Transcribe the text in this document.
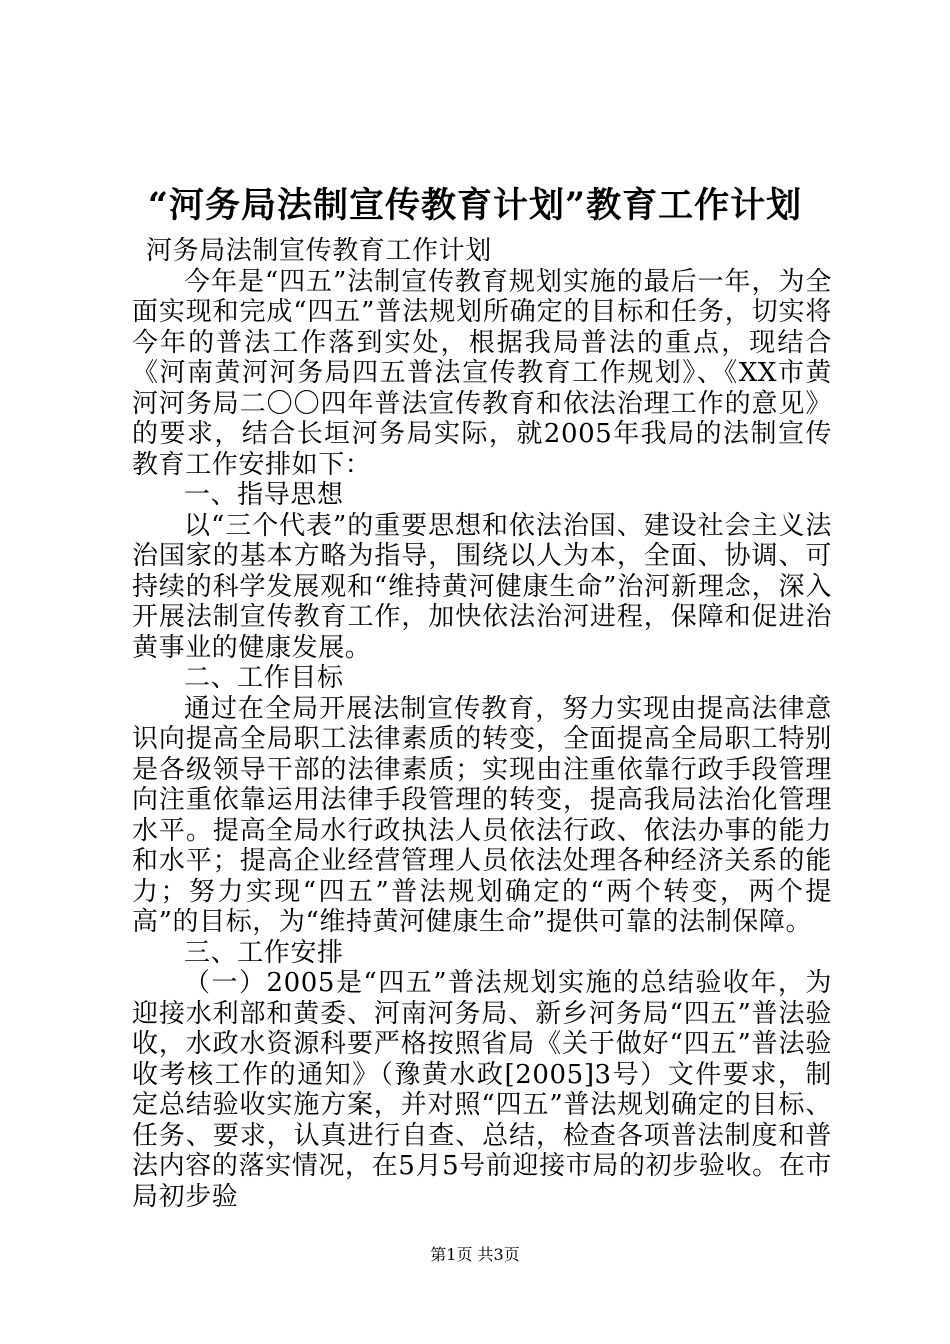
“河务局法制宣传教育计划”教育工作计划

河务局法制宣传教育工作计划

今年是“四五”法制宣传教育规划实施的最后一年，为全面实现和完成“四五”普法规划所确定的目标和任务，切实将今年的普法工作落到实处，根据我局普法的重点，现结合《河南黄河河务局四五普法宣传教育工作规划》、《XX市黄河河务局二〇〇四年普法宣传教育和依法治理工作的意见》的要求，结合长垣河务局实际，就2005年我局的法制宣传教育工作安排如下：

一、指导思想

以“三个代表”的重要思想和依法治国、建设社会主义法治国家的基本方略为指导，围绕以人为本，全面、协调、可持续的科学发展观和“维持黄河健康生命”治河新理念，深入开展法制宣传教育工作，加快依法治河进程，保障和促进治黄事业的健康发展。

二、工作目标

通过在全局开展法制宣传教育，努力实现由提高法律意识向提高全局职工法律素质的转变，全面提高全局职工特别是各级领导干部的法律素质；实现由注重依靠行政手段管理向注重依靠运用法律手段管理的转变，提高我局法治化管理水平。提高全局水行政执法人员依法行政、依法办事的能力和水平；提高企业经营管理人员依法处理各种经济关系的能力；努力实现“四五”普法规划确定的“两个转变，两个提高”的目标，为“维持黄河健康生命”提供可靠的法制保障。

三、工作安排

（一）2005是“四五”普法规划实施的总结验收年，为迎接水利部和黄委、河南河务局、新乡河务局“四五”普法验收，水政水资源科要严格按照省局《关于做好“四五”普法验收考核工作的通知》（豫黄水政[2005]3号）文件要求，制定总结验收实施方案，并对照“四五”普法规划确定的目标、任务、要求，认真进行自查、总结，检查各项普法制度和普法内容的落实情况，在5月5号前迎接市局的初步验收。在市局初步验

第1页 共3页
